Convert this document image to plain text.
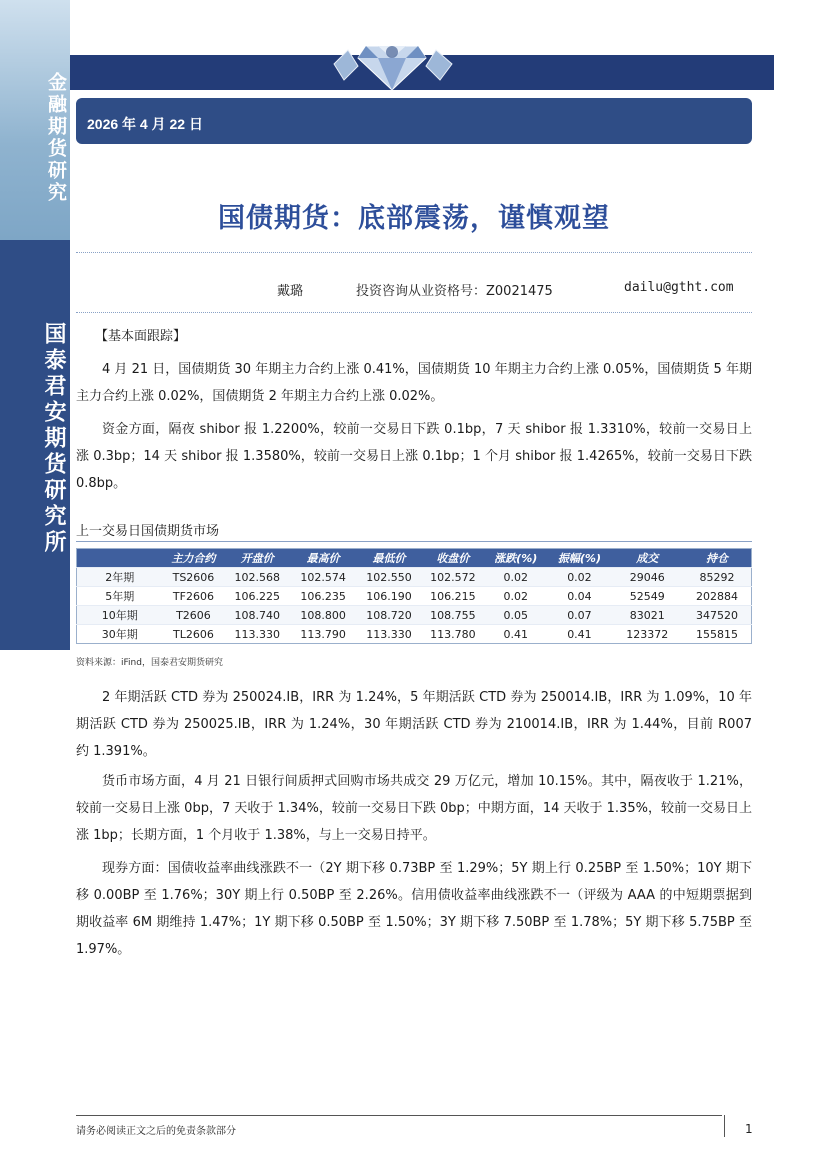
金融期货研究
国泰君安期货研究所
2026 年 4 月 22 日
国债期货：底部震荡，谨慎观望
戴璐	投资咨询从业资格号：Z0021475	dailu@gtht.com
【基本面跟踪】

4 月 21 日，国债期货 30 年期主力合约上涨 0.41%，国债期货 10 年期主力合约上涨 0.05%，国债期货 5 年期主力合约上涨 0.02%，国债期货 2 年期主力合约上涨 0.02%。

资金方面，隔夜 shibor 报 1.2200%，较前一交易日下跌 0.1bp，7 天 shibor 报 1.3310%，较前一交易日上涨 0.3bp；14 天 shibor 报 1.3580%，较前一交易日上涨 0.1bp；1 个月 shibor 报 1.4265%，较前一交易日下跌 0.8bp。

上一交易日国债期货市场
	主力合约	开盘价	最高价	最低价	收盘价	涨跌(%)	振幅(%)	成交	持仓
2年期	TS2606	102.568	102.574	102.550	102.572	0.02	0.02	29046	85292
5年期	TF2606	106.225	106.235	106.190	106.215	0.02	0.04	52549	202884
10年期	T2606	108.740	108.800	108.720	108.755	0.05	0.07	83021	347520
30年期	TL2606	113.330	113.790	113.330	113.780	0.41	0.41	123372	155815
资料来源：iFind，国泰君安期货研究

2 年期活跃 CTD 券为 250024.IB，IRR 为 1.24%，5 年期活跃 CTD 券为 250014.IB，IRR 为 1.09%，10 年期活跃 CTD 券为 250025.IB，IRR 为 1.24%，30 年期活跃 CTD 券为 210014.IB，IRR 为 1.44%，目前 R007 约 1.391%。

货币市场方面，4 月 21 日银行间质押式回购市场共成交 29 万亿元，增加 10.15%。其中，隔夜收于 1.21%，较前一交易日上涨 0bp，7 天收于 1.34%，较前一交易日下跌 0bp；中期方面，14 天收于 1.35%，较前一交易日上涨 1bp；长期方面，1 个月收于 1.38%，与上一交易日持平。

现券方面：国债收益率曲线涨跌不一（2Y 期下移 0.73BP 至 1.29%；5Y 期上行 0.25BP 至 1.50%；10Y 期下移 0.00BP 至 1.76%；30Y 期上行 0.50BP 至 2.26%。信用债收益率曲线涨跌不一（评级为 AAA 的中短期票据到期收益率 6M 期维持 1.47%；1Y 期下移 0.50BP 至 1.50%；3Y 期下移 7.50BP 至 1.78%；5Y 期下移 5.75BP 至 1.97%。

请务必阅读正文之后的免责条款部分	1
